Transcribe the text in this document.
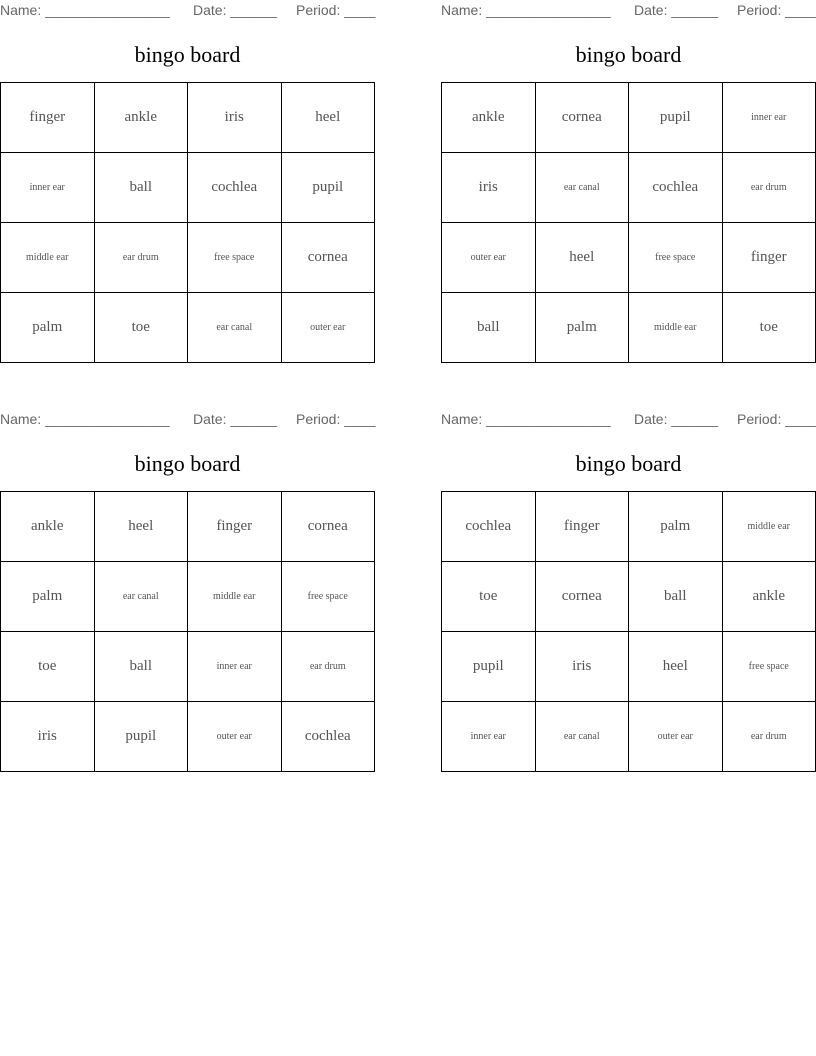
Name: ________________ Date: ______ Period: ____
bingo board
finger	ankle	iris	heel
inner ear	ball	cochlea	pupil
middle ear	ear drum	free space	cornea
palm	toe	ear canal	outer ear
Name: ________________ Date: ______ Period: ____
bingo board
ankle	cornea	pupil	inner ear
iris	ear canal	cochlea	ear drum
outer ear	heel	free space	finger
ball	palm	middle ear	toe
Name: ________________ Date: ______ Period: ____
bingo board
ankle	heel	finger	cornea
palm	ear canal	middle ear	free space
toe	ball	inner ear	ear drum
iris	pupil	outer ear	cochlea
Name: ________________ Date: ______ Period: ____
bingo board
cochlea	finger	palm	middle ear
toe	cornea	ball	ankle
pupil	iris	heel	free space
inner ear	ear canal	outer ear	ear drum
